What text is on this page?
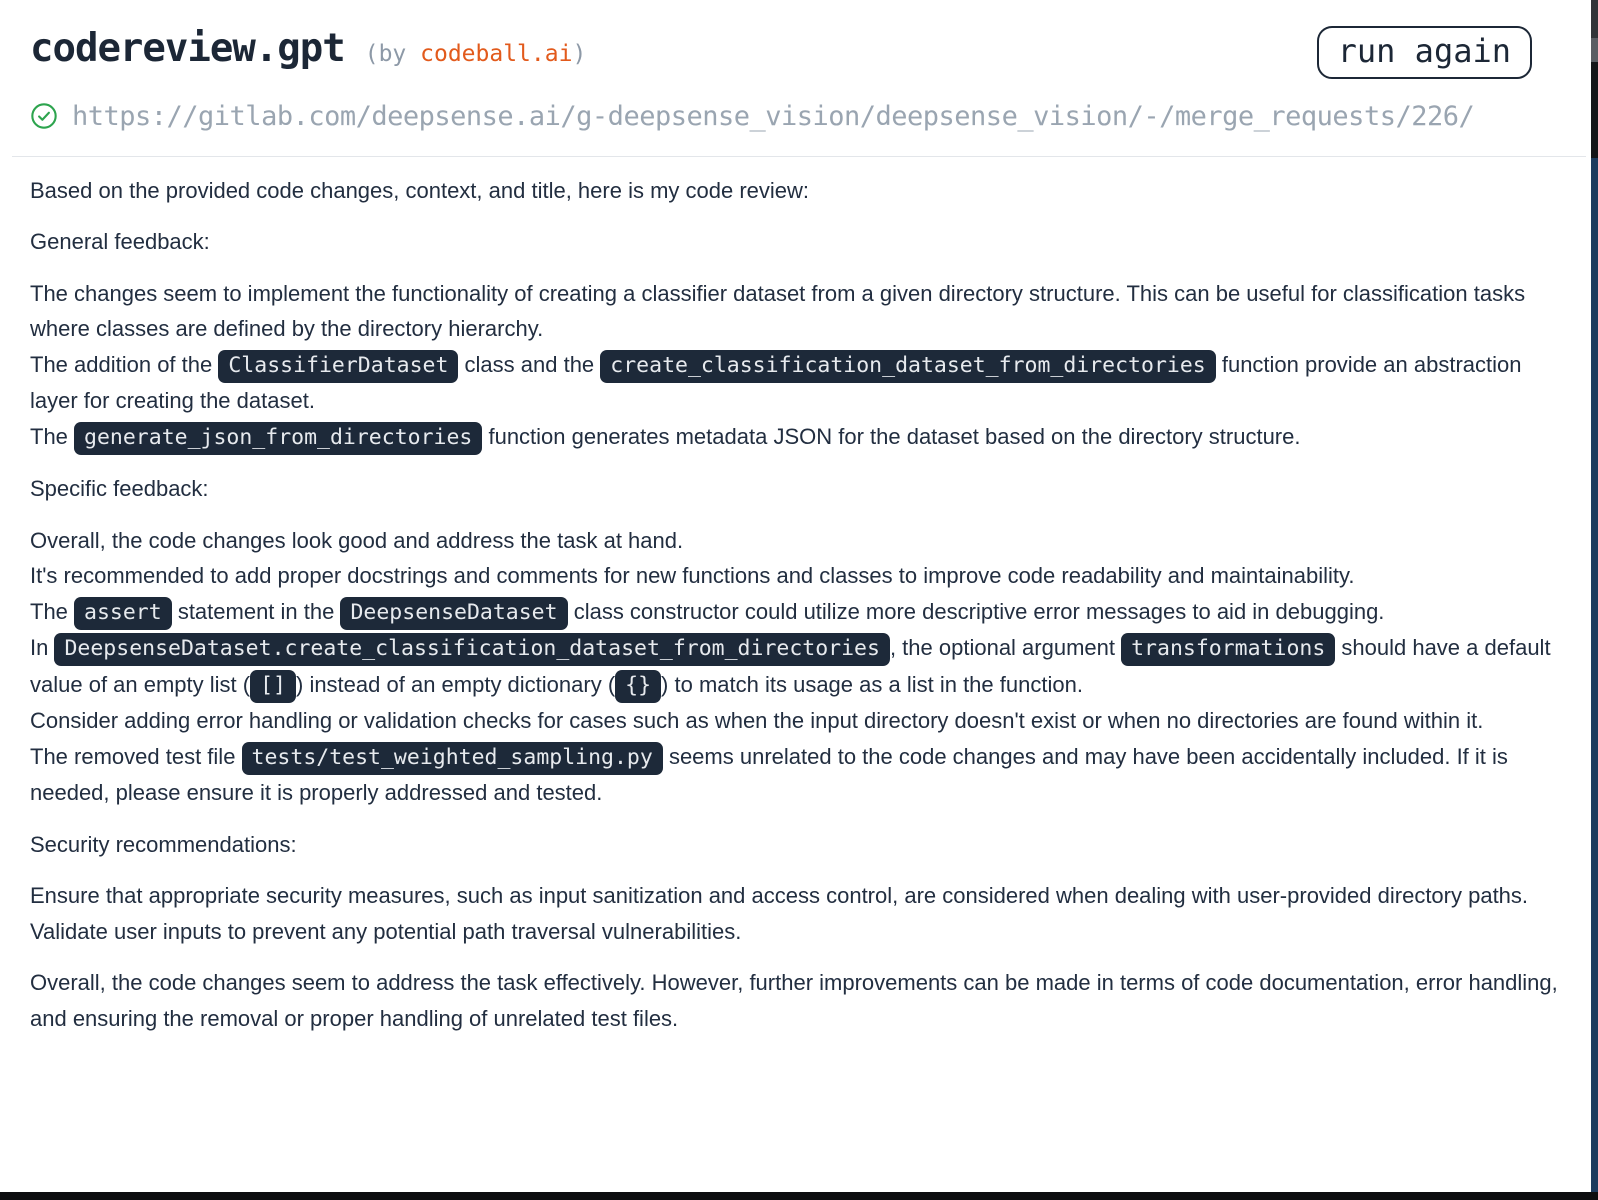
codereview.gpt (by codeball.ai)	run again
https://gitlab.com/deepsense.ai/g-deepsense_vision/deepsense_vision/-/merge_requests/226/

Based on the provided code changes, context, and title, here is my code review:

General feedback:

The changes seem to implement the functionality of creating a classifier dataset from a given directory structure. This can be useful for classification tasks where classes are defined by the directory hierarchy.
The addition of the ClassifierDataset class and the create_classification_dataset_from_directories function provide an abstraction layer for creating the dataset.
The generate_json_from_directories function generates metadata JSON for the dataset based on the directory structure.

Specific feedback:

Overall, the code changes look good and address the task at hand.
It's recommended to add proper docstrings and comments for new functions and classes to improve code readability and maintainability.
The assert statement in the DeepsenseDataset class constructor could utilize more descriptive error messages to aid in debugging.
In DeepsenseDataset.create_classification_dataset_from_directories , the optional argument transformations should have a default value of an empty list ( [] ) instead of an empty dictionary ( {} ) to match its usage as a list in the function.
Consider adding error handling or validation checks for cases such as when the input directory doesn't exist or when no directories are found within it.
The removed test file tests/test_weighted_sampling.py seems unrelated to the code changes and may have been accidentally included. If it is needed, please ensure it is properly addressed and tested.

Security recommendations:

Ensure that appropriate security measures, such as input sanitization and access control, are considered when dealing with user-provided directory paths. Validate user inputs to prevent any potential path traversal vulnerabilities.

Overall, the code changes seem to address the task effectively. However, further improvements can be made in terms of code documentation, error handling, and ensuring the removal or proper handling of unrelated test files.
